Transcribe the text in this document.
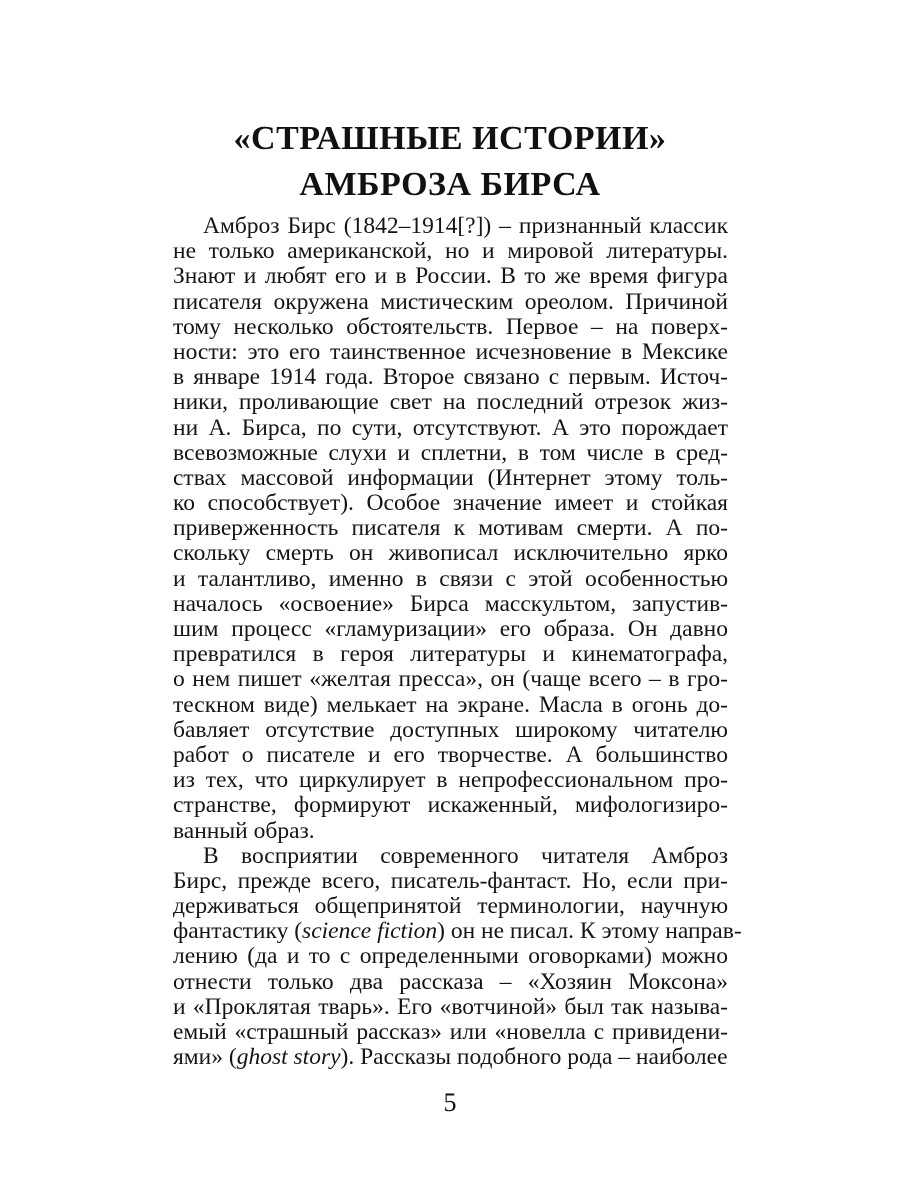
«СТРАШНЫЕ ИСТОРИИ»
АМБРОЗА БИРСА
Амброз Бирс (1842–1914[?]) – признанный классик
не только американской, но и мировой литературы.
Знают и любят его и в России. В то же время фигура
писателя окружена мистическим ореолом. Причиной
тому несколько обстоятельств. Первое – на поверх-
ности: это его таинственное исчезновение в Мексике
в январе 1914 года. Второе связано с первым. Источ-
ники, проливающие свет на последний отрезок жиз-
ни А. Бирса, по сути, отсутствуют. А это порождает
всевозможные слухи и сплетни, в том числе в сред-
ствах массовой информации (Интернет этому толь-
ко способствует). Особое значение имеет и стойкая
приверженность писателя к мотивам смерти. А по-
скольку смерть он живописал исключительно ярко
и талантливо, именно в связи с этой особенностью
началось «освоение» Бирса масскультом, запустив-
шим процесс «гламуризации» его образа. Он давно
превратился в героя литературы и кинематографа,
о нем пишет «желтая пресса», он (чаще всего – в гро-
тескном виде) мелькает на экране. Масла в огонь до-
бавляет отсутствие доступных широкому читателю
работ о писателе и его творчестве. А большинство
из тех, что циркулирует в непрофессиональном про-
странстве, формируют искаженный, мифологизиро-
ванный образ.
В восприятии современного читателя Амброз
Бирс, прежде всего, писатель-фантаст. Но, если при-
держиваться общепринятой терминологии, научную
фантастику (science fiction) он не писал. К этому направ-
лению (да и то с определенными оговорками) можно
отнести только два рассказа – «Хозяин Моксона»
и «Проклятая тварь». Его «вотчиной» был так называ-
емый «страшный рассказ» или «новелла с привидени-
ями» (ghost story). Рассказы подобного рода – наиболее
5
